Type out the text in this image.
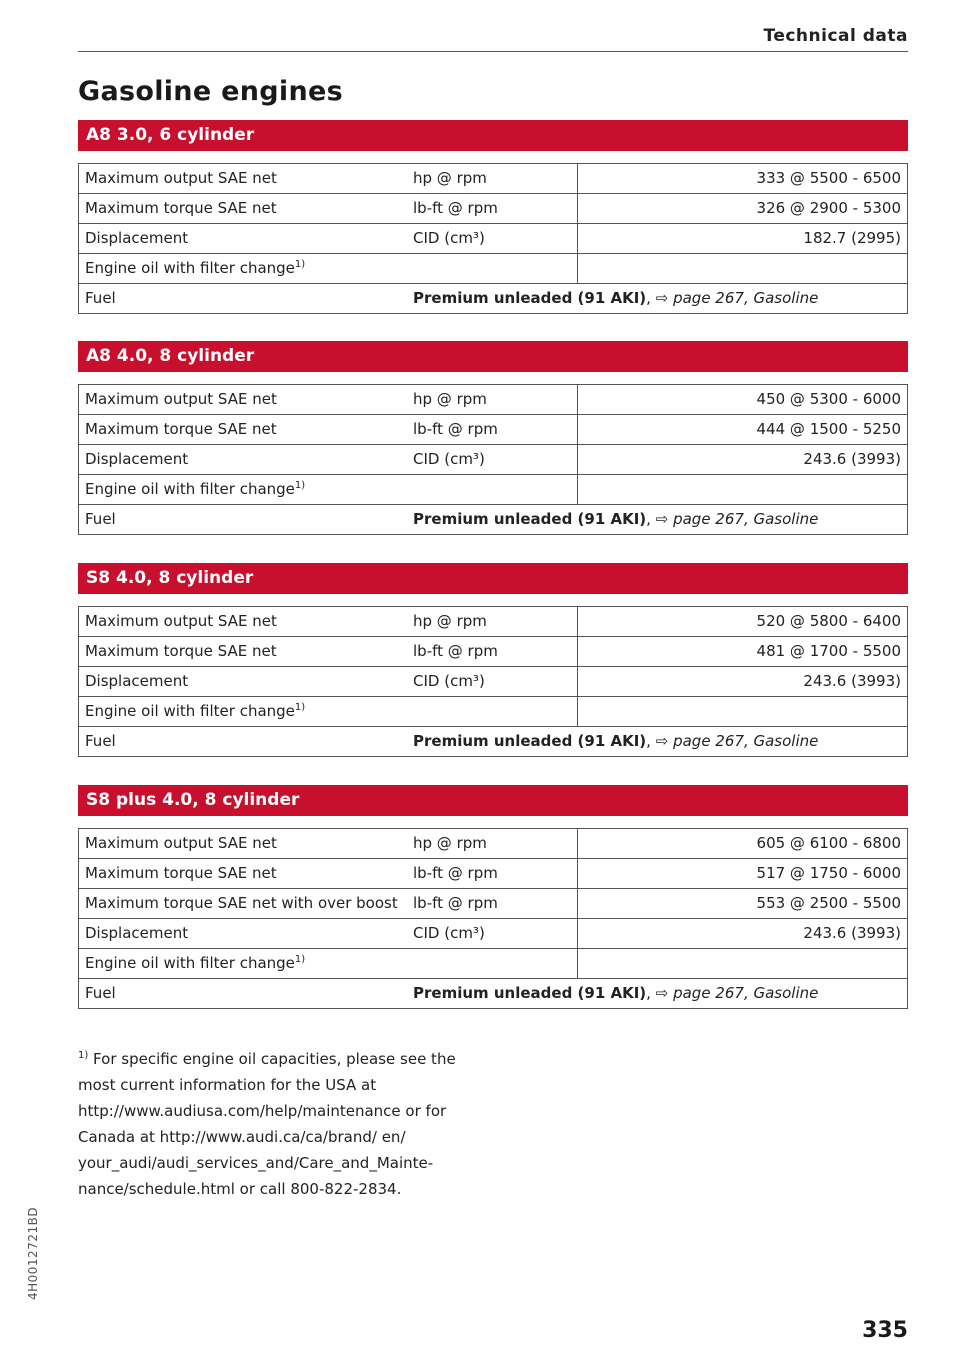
Technical data
Gasoline engines
A8 3.0, 6 cylinder
Maximum output SAE net	hp @ rpm	333 @ 5500 - 6500
Maximum torque SAE net	lb-ft @ rpm	326 @ 2900 - 5300
Displacement	CID (cm³)	182.7 (2995)
Engine oil with filter change$^{1)}$		
Fuel	Premium unleaded (91 AKI), ⇨ page 267, Gasoline	
A8 4.0, 8 cylinder
Maximum output SAE net	hp @ rpm	450 @ 5300 - 6000
Maximum torque SAE net	lb-ft @ rpm	444 @ 1500 - 5250
Displacement	CID (cm³)	243.6 (3993)
Engine oil with filter change$^{1)}$		
Fuel	Premium unleaded (91 AKI), ⇨ page 267, Gasoline	
S8 4.0, 8 cylinder
Maximum output SAE net	hp @ rpm	520 @ 5800 - 6400
Maximum torque SAE net	lb-ft @ rpm	481 @ 1700 - 5500
Displacement	CID (cm³)	243.6 (3993)
Engine oil with filter change$^{1)}$		
Fuel	Premium unleaded (91 AKI), ⇨ page 267, Gasoline	
S8 plus 4.0, 8 cylinder
Maximum output SAE net	hp @ rpm	605 @ 6100 - 6800
Maximum torque SAE net	lb-ft @ rpm	517 @ 1750 - 6000
Maximum torque SAE net with over boost	lb-ft @ rpm	553 @ 2500 - 5500
Displacement	CID (cm³)	243.6 (3993)
Engine oil with filter change$^{1)}$		
Fuel	Premium unleaded (91 AKI), ⇨ page 267, Gasoline	
$^{1)}$ For specific engine oil capacities, please see the most current information for the USA at http://www.audiusa.com/help/maintenance or for Canada at http://www.audi.ca/ca/brand/ en/ your_audi/audi_services_and/Care_and_Mainte-nance/schedule.html or call 800-822-2834.
4H0012721BD
335
